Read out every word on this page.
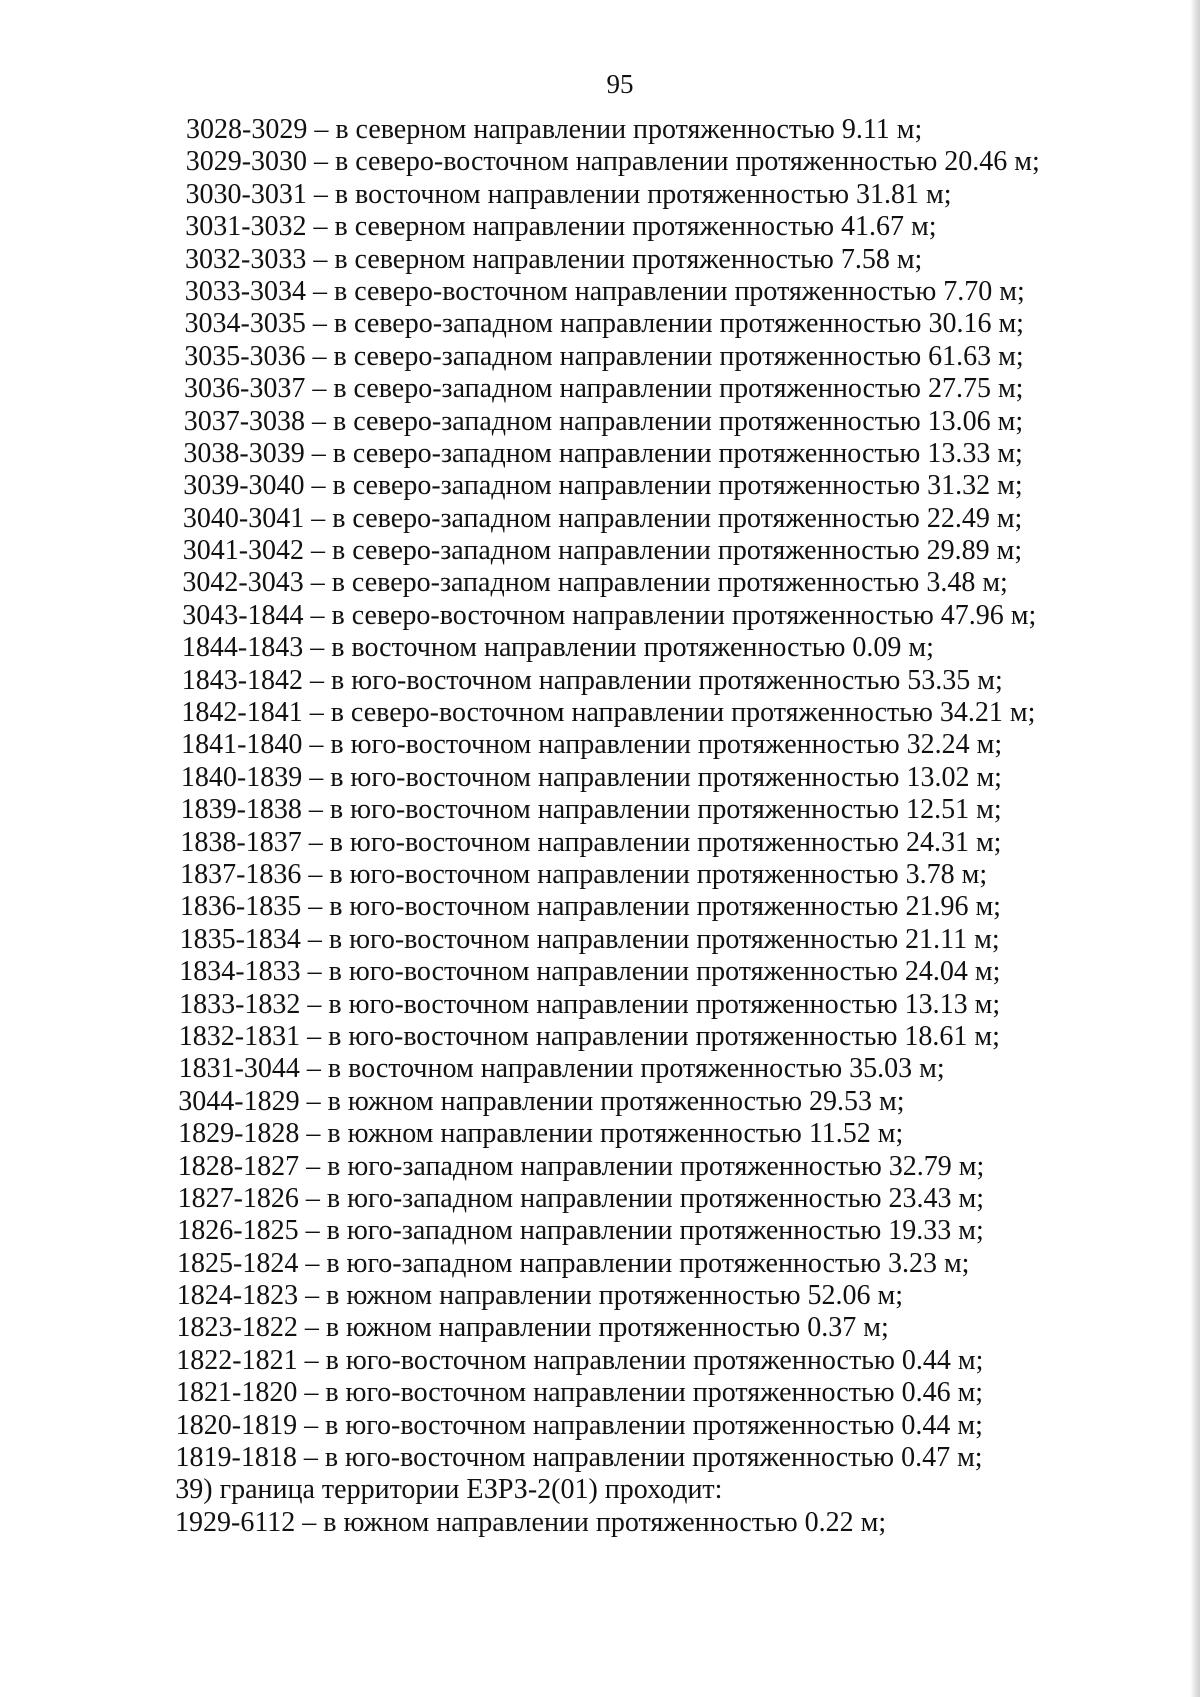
95
3028-3029 – в северном направлении протяженностью 9.11 м;
3029-3030 – в северо-восточном направлении протяженностью 20.46 м;
3030-3031 – в восточном направлении протяженностью 31.81 м;
3031-3032 – в северном направлении протяженностью 41.67 м;
3032-3033 – в северном направлении протяженностью 7.58 м;
3033-3034 – в северо-восточном направлении протяженностью 7.70 м;
3034-3035 – в северо-западном направлении протяженностью 30.16 м;
3035-3036 – в северо-западном направлении протяженностью 61.63 м;
3036-3037 – в северо-западном направлении протяженностью 27.75 м;
3037-3038 – в северо-западном направлении протяженностью 13.06 м;
3038-3039 – в северо-западном направлении протяженностью 13.33 м;
3039-3040 – в северо-западном направлении протяженностью 31.32 м;
3040-3041 – в северо-западном направлении протяженностью 22.49 м;
3041-3042 – в северо-западном направлении протяженностью 29.89 м;
3042-3043 – в северо-западном направлении протяженностью 3.48 м;
3043-1844 – в северо-восточном направлении протяженностью 47.96 м;
1844-1843 – в восточном направлении протяженностью 0.09 м;
1843-1842 – в юго-восточном направлении протяженностью 53.35 м;
1842-1841 – в северо-восточном направлении протяженностью 34.21 м;
1841-1840 – в юго-восточном направлении протяженностью 32.24 м;
1840-1839 – в юго-восточном направлении протяженностью 13.02 м;
1839-1838 – в юго-восточном направлении протяженностью 12.51 м;
1838-1837 – в юго-восточном направлении протяженностью 24.31 м;
1837-1836 – в юго-восточном направлении протяженностью 3.78 м;
1836-1835 – в юго-восточном направлении протяженностью 21.96 м;
1835-1834 – в юго-восточном направлении протяженностью 21.11 м;
1834-1833 – в юго-восточном направлении протяженностью 24.04 м;
1833-1832 – в юго-восточном направлении протяженностью 13.13 м;
1832-1831 – в юго-восточном направлении протяженностью 18.61 м;
1831-3044 – в восточном направлении протяженностью 35.03 м;
3044-1829 – в южном направлении протяженностью 29.53 м;
1829-1828 – в южном направлении протяженностью 11.52 м;
1828-1827 – в юго-западном направлении протяженностью 32.79 м;
1827-1826 – в юго-западном направлении протяженностью 23.43 м;
1826-1825 – в юго-западном направлении протяженностью 19.33 м;
1825-1824 – в юго-западном направлении протяженностью 3.23 м;
1824-1823 – в южном направлении протяженностью 52.06 м;
1823-1822 – в южном направлении протяженностью 0.37 м;
1822-1821 – в юго-восточном направлении протяженностью 0.44 м;
1821-1820 – в юго-восточном направлении протяженностью 0.46 м;
1820-1819 – в юго-восточном направлении протяженностью 0.44 м;
1819-1818 – в юго-восточном направлении протяженностью 0.47 м;
39) граница территории ЕЗРЗ-2(01) проходит:
1929-6112 – в южном направлении протяженностью 0.22 м;
